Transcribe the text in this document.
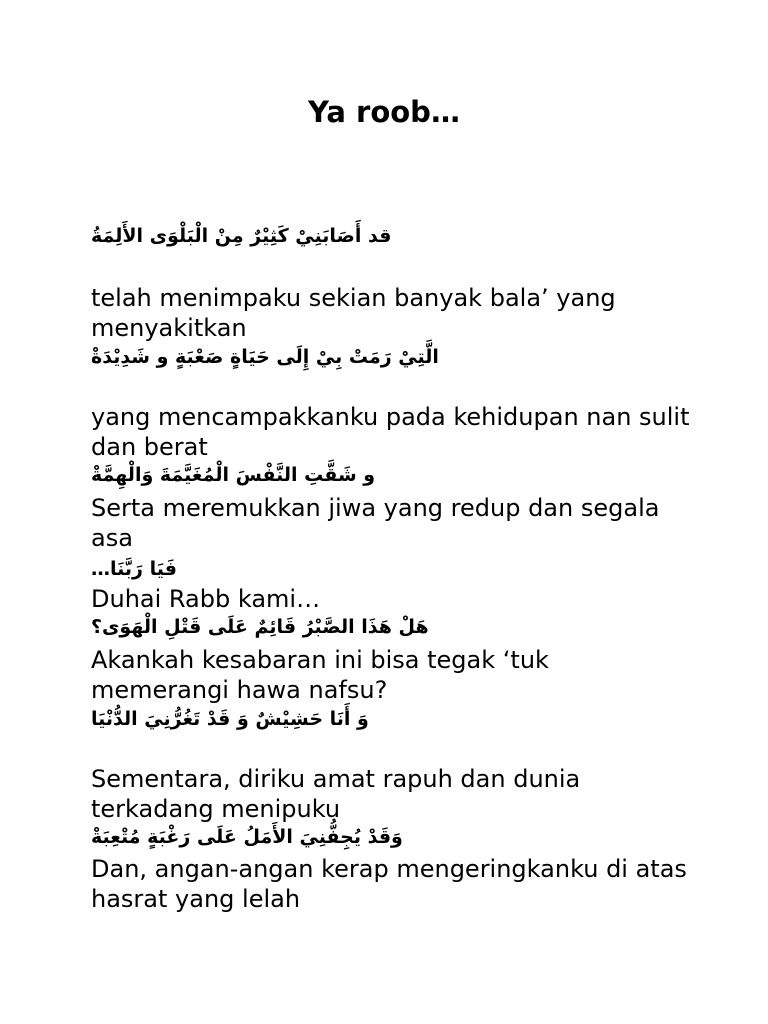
Ya roob…
قد أَصَابَنِيْ كَثِيْرٌ مِنْ الْبَلْوَى الأَلِمَةُ

telah menimpaku sekian banyak bala’ yang menyakitkan

الَّتِيْ رَمَتْ بِيْ إِلَى حَيَاةٍ صَعْبَةٍ و شَدِيْدَةْ

yang mencampakkanku pada kehidupan nan sulit dan berat

و شَقَّتِ النَّفْسَ الْمُغَيَّمَةَ وَالْهِمَّةْ

Serta meremukkan jiwa yang redup dan segala asa

فَيَا رَبَّنَا…

Duhai Rabb kami…

هَلْ هَذَا الصَّبْرُ قَائِمٌ عَلَى قَتْلِ الْهَوَى؟

Akankah kesabaran ini bisa tegak ‘tuk memerangi hawa nafsu?

وَ أَنَا حَشِيْشٌ وَ قَدْ تَغُرُّنِيَ الدُّنْيَا

Sementara, diriku amat rapuh dan dunia terkadang menipuku

وَقَدْ يُجِفُّنِيَ الأَمَلُ عَلَى رَغْبَةٍ مُتْعِبَةْ

Dan, angan-angan kerap mengeringkanku di atas hasrat yang lelah
